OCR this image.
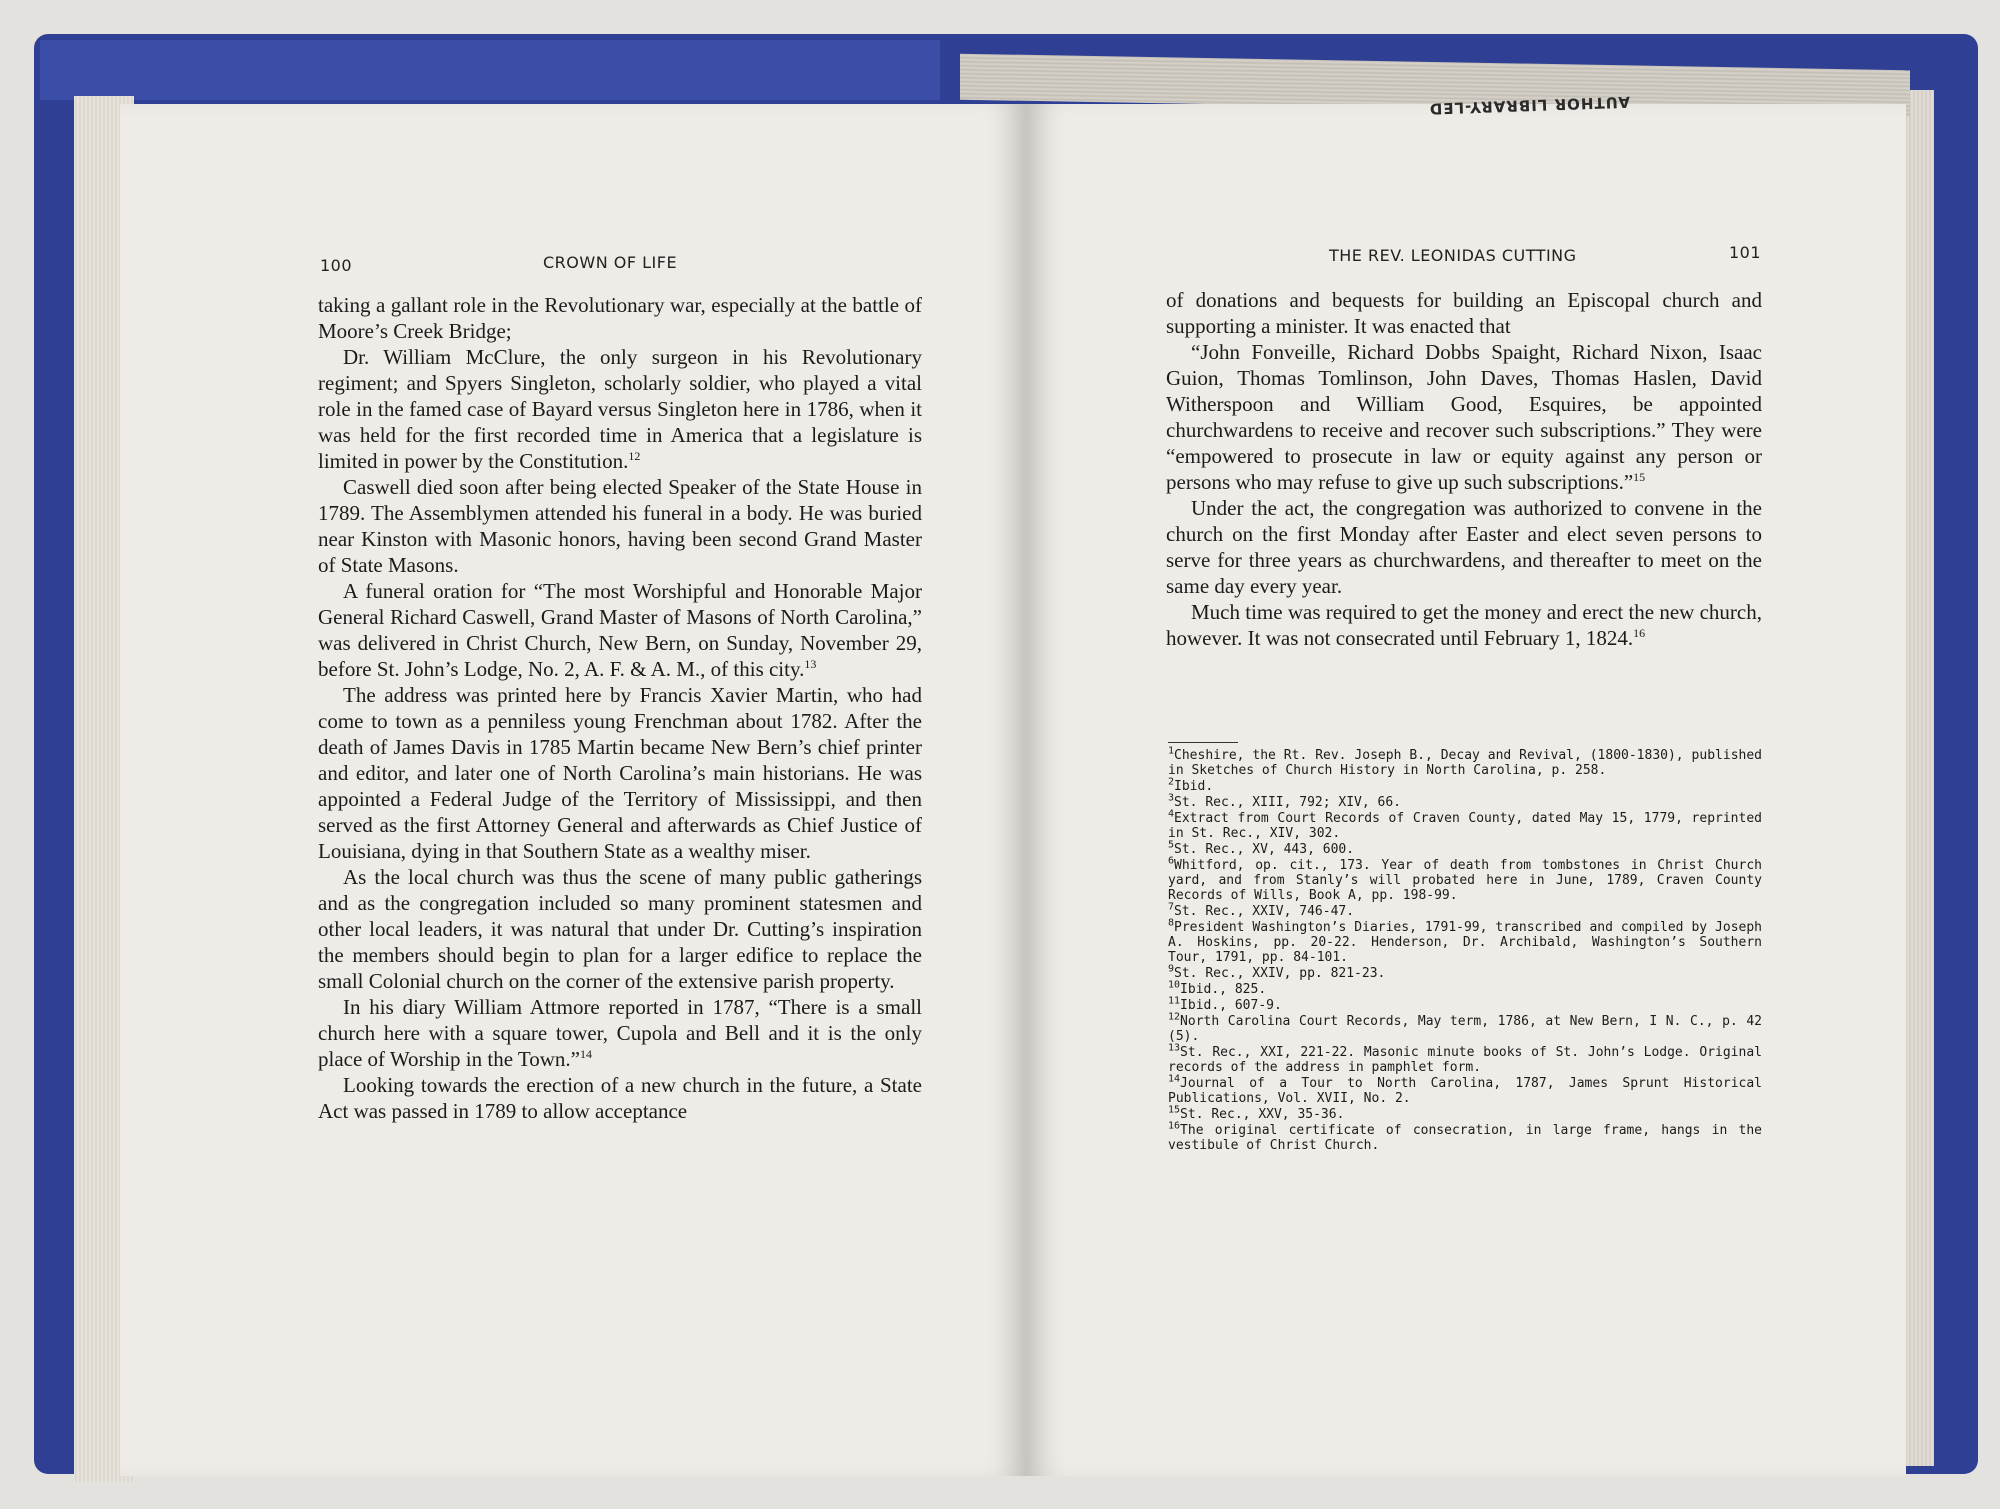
AUTHOR LIBRARY-LED
100	CROWN OF LIFE

taking a gallant role in the Revolutionary war, especially at the battle of Moore’s Creek Bridge;

Dr. William McClure, the only surgeon in his Revolutionary regiment; and Spyers Singleton, scholarly soldier, who played a vital role in the famed case of Bayard versus Singleton here in 1786, when it was held for the first recorded time in America that a legislature is limited in power by the Constitution.$^{12}$

Caswell died soon after being elected Speaker of the State House in 1789. The Assemblymen attended his funeral in a body. He was buried near Kinston with Masonic honors, having been second Grand Master of State Masons.

A funeral oration for “The most Worshipful and Honorable Major General Richard Caswell, Grand Master of Masons of North Carolina,” was delivered in Christ Church, New Bern, on Sunday, November 29, before St. John’s Lodge, No. 2, A. F. & A. M., of this city.$^{13}$

The address was printed here by Francis Xavier Martin, who had come to town as a penniless young Frenchman about 1782. After the death of James Davis in 1785 Martin became New Bern’s chief printer and editor, and later one of North Carolina’s main historians. He was appointed a Federal Judge of the Territory of Mississippi, and then served as the first Attorney General and afterwards as Chief Justice of Louisiana, dying in that Southern State as a wealthy miser.

As the local church was thus the scene of many public gatherings and as the congregation included so many prominent statesmen and other local leaders, it was natural that under Dr. Cutting’s inspiration the members should begin to plan for a larger edifice to replace the small Colonial church on the corner of the extensive parish property.

In his diary William Attmore reported in 1787, “There is a small church here with a square tower, Cupola and Bell and it is the only place of Worship in the Town.”$^{14}$

Looking towards the erection of a new church in the future, a State Act was passed in 1789 to allow acceptance

THE REV. LEONIDAS CUTTING	101

of donations and bequests for building an Episcopal church and supporting a minister. It was enacted that

“John Fonveille, Richard Dobbs Spaight, Richard Nixon, Isaac Guion, Thomas Tomlinson, John Daves, Thomas Haslen, David Witherspoon and William Good, Esquires, be appointed churchwardens to receive and recover such subscriptions.” They were “empowered to prosecute in law or equity against any person or persons who may refuse to give up such subscriptions.”$^{15}$

Under the act, the congregation was authorized to convene in the church on the first Monday after Easter and elect seven persons to serve for three years as churchwardens, and thereafter to meet on the same day every year.

Much time was required to get the money and erect the new church, however. It was not consecrated until February 1, 1824.16

$^1$Cheshire, the Rt. Rev. Joseph B., Decay and Revival, (1800-1830), published in Sketches of Church History in North Carolina, p. 258.

$^2$Ibid.

$^3$St. Rec., XIII, 792; XIV, 66.

$^4$Extract from Court Records of Craven County, dated May 15, 1779, reprinted in St. Rec., XIV, 302.

$^5$St. Rec., XV, 443, 600.

$^6$Whitford, op. cit., 173. Year of death from tombstones in Christ Church yard, and from Stanly’s will probated here in June, 1789, Craven County Records of Wills, Book A, pp. 198-99.

$^7$St. Rec., XXIV, 746-47.

$^8$President Washington’s Diaries, 1791-99, transcribed and compiled by Joseph A. Hoskins, pp. 20-22. Henderson, Dr. Archibald, Washington’s Southern Tour, 1791, pp. 84-101.

$^9$St. Rec., XXIV, pp. 821-23.

$^{10}$Ibid., 825.

$^{11}$Ibid., 607-9.

$^{12}$North Carolina Court Records, May term, 1786, at New Bern, I N. C., p. 42 (5).

$^{13}$St. Rec., XXI, 221-22. Masonic minute books of St. John’s Lodge. Original records of the address in pamphlet form.

$^{14}$Journal of a Tour to North Carolina, 1787, James Sprunt Historical Publications, Vol. XVII, No. 2.

$^{15}$St. Rec., XXV, 35-36.

$^{16}$The original certificate of consecration, in large frame, hangs in the vestibule of Christ Church.
